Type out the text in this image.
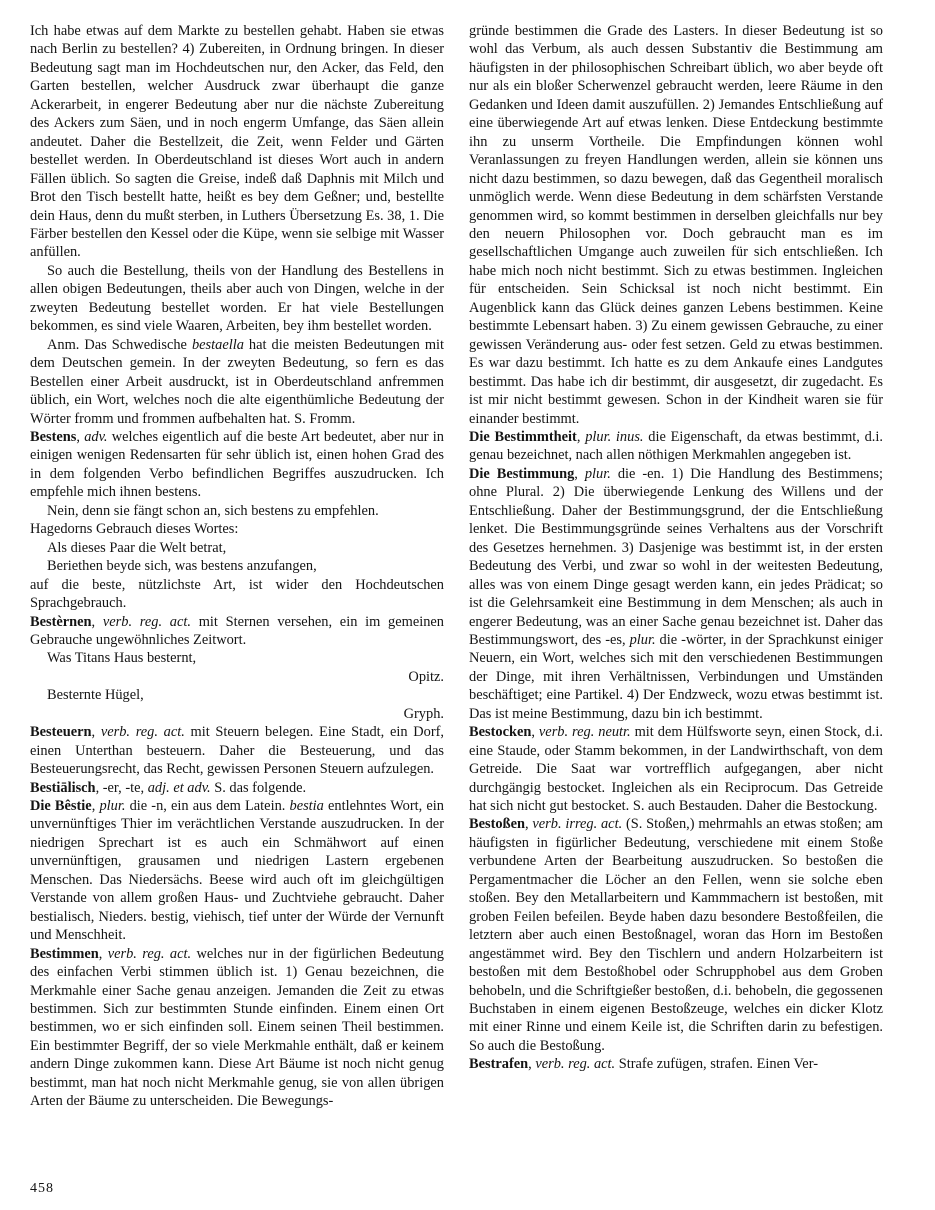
Ich habe etwas auf dem Markte zu bestellen gehabt. Haben sie etwas nach Berlin zu bestellen? 4) Zubereiten, in Ordnung bringen. In dieser Bedeutung sagt man im Hochdeutschen nur, den Acker, das Feld, den Garten bestellen, welcher Ausdruck zwar überhaupt die ganze Ackerarbeit, in engerer Bedeutung aber nur die nächste Zubereitung des Ackers zum Säen, und in noch engerm Umfange, das Säen allein andeutet. Daher die Bestellzeit, die Zeit, wenn Felder und Gärten bestellet werden. In Oberdeutschland ist dieses Wort auch in andern Fällen üblich. So sagten die Greise, indeß daß Daphnis mit Milch und Brot den Tisch bestellt hatte, heißt es bey dem Geßner; und, bestellte dein Haus, denn du mußt sterben, in Luthers Übersetzung Es. 38, 1. Die Färber bestellen den Kessel oder die Küpe, wenn sie selbige mit Wasser anfüllen.

So auch die Bestellung, theils von der Handlung des Bestellens in allen obigen Bedeutungen, theils aber auch von Dingen, welche in der zweyten Bedeutung bestellet worden. Er hat viele Bestellungen bekommen, es sind viele Waaren, Arbeiten, bey ihm bestellet worden.

Anm. Das Schwedische bestaella hat die meisten Bedeutungen mit dem Deutschen gemein. In der zweyten Bedeutung, so fern es das Bestellen einer Arbeit ausdruckt, ist in Oberdeutschland anfremmen üblich, ein Wort, welches noch die alte eigenthümliche Bedeutung der Wörter fromm und frommen aufbehalten hat. S. Fromm.

Bestens, adv. welches eigentlich auf die beste Art bedeutet, aber nur in einigen wenigen Redensarten für sehr üblich ist, einen hohen Grad des in dem folgenden Verbo befindlichen Begriffes auszudrucken. Ich empfehle mich ihnen bestens.

Nein, denn sie fängt schon an, sich bestens zu empfehlen.

Hagedorns Gebrauch dieses Wortes:

Als dieses Paar die Welt betrat,

Beriethen beyde sich, was bestens anzufangen,

auf die beste, nützlichste Art, ist wider den Hochdeutschen Sprachgebrauch.

Bestèrnen, verb. reg. act. mit Sternen versehen, ein im gemeinen Gebrauche ungewöhnliches Zeitwort.

Was Titans Haus besternt,

Opitz.

Besternte Hügel,

Gryph.

Besteuern, verb. reg. act. mit Steuern belegen. Eine Stadt, ein Dorf, einen Unterthan besteuern. Daher die Besteuerung, und das Besteuerungsrecht, das Recht, gewissen Personen Steuern aufzulegen.

Bestiālisch, -er, -te, adj. et adv. S. das folgende.

Die Bêstie, plur. die -n, ein aus dem Latein. bestia entlehntes Wort, ein unvernünftiges Thier im verächtlichen Verstande auszudrucken. In der niedrigen Sprechart ist es auch ein Schmähwort auf einen unvernünftigen, grausamen und niedrigen Lastern ergebenen Menschen. Das Niedersächs. Beese wird auch oft im gleichgültigen Verstande von allem großen Haus- und Zuchtviehe gebraucht. Daher bestialisch, Nieders. bestig, viehisch, tief unter der Würde der Vernunft und Menschheit.

Bestimmen, verb. reg. act. welches nur in der figürlichen Bedeutung des einfachen Verbi stimmen üblich ist. 1) Genau bezeichnen, die Merkmahle einer Sache genau anzeigen. Jemanden die Zeit zu etwas bestimmen. Sich zur bestimmten Stunde einfinden. Einem einen Ort bestimmen, wo er sich einfinden soll. Einem seinen Theil bestimmen. Ein bestimmter Begriff, der so viele Merkmahle enthält, daß er keinem andern Dinge zukommen kann. Diese Art Bäume ist noch nicht genug bestimmt, man hat noch nicht Merkmahle genug, sie von allen übrigen Arten der Bäume zu unterscheiden. Die Bewegungs-

gründe bestimmen die Grade des Lasters. In dieser Bedeutung ist so wohl das Verbum, als auch dessen Substantiv die Bestimmung am häufigsten in der philosophischen Schreibart üblich, wo aber beyde oft nur als ein bloßer Scherwenzel gebraucht werden, leere Räume in den Gedanken und Ideen damit auszufüllen. 2) Jemandes Entschließung auf eine überwiegende Art auf etwas lenken. Diese Entdeckung bestimmte ihn zu unserm Vortheile. Die Empfindungen können wohl Veranlassungen zu freyen Handlungen werden, allein sie können uns nicht dazu bestimmen, so dazu bewegen, daß das Gegentheil moralisch unmöglich werde. Wenn diese Bedeutung in dem schärfsten Verstande genommen wird, so kommt bestimmen in derselben gleichfalls nur bey den neuern Philosophen vor. Doch gebraucht man es im gesellschaftlichen Umgange auch zuweilen für sich entschließen. Ich habe mich noch nicht bestimmt. Sich zu etwas bestimmen. Ingleichen für entscheiden. Sein Schicksal ist noch nicht bestimmt. Ein Augenblick kann das Glück deines ganzen Lebens bestimmen. Keine bestimmte Lebensart haben. 3) Zu einem gewissen Gebrauche, zu einer gewissen Veränderung aus- oder fest setzen. Geld zu etwas bestimmen. Es war dazu bestimmt. Ich hatte es zu dem Ankaufe eines Landgutes bestimmt. Das habe ich dir bestimmt, dir ausgesetzt, dir zugedacht. Es ist mir nicht bestimmt gewesen. Schon in der Kindheit waren sie für einander bestimmt.

Die Bestimmtheit, plur. inus. die Eigenschaft, da etwas bestimmt, d.i. genau bezeichnet, nach allen nöthigen Merkmahlen angegeben ist.

Die Bestimmung, plur. die -en. 1) Die Handlung des Bestimmens; ohne Plural. 2) Die überwiegende Lenkung des Willens und der Entschließung. Daher der Bestimmungsgrund, der die Entschließung lenket. Die Bestimmungsgründe seines Verhaltens aus der Vorschrift des Gesetzes hernehmen. 3) Dasjenige was bestimmt ist, in der ersten Bedeutung des Verbi, und zwar so wohl in der weitesten Bedeutung, alles was von einem Dinge gesagt werden kann, ein jedes Prädicat; so ist die Gelehrsamkeit eine Bestimmung in dem Menschen; als auch in engerer Bedeutung, was an einer Sache genau bezeichnet ist. Daher das Bestimmungswort, des -es, plur. die -wörter, in der Sprachkunst einiger Neuern, ein Wort, welches sich mit den verschiedenen Bestimmungen der Dinge, mit ihren Verhältnissen, Verbindungen und Umständen beschäftiget; eine Partikel. 4) Der Endzweck, wozu etwas bestimmt ist. Das ist meine Bestimmung, dazu bin ich bestimmt.

Bestocken, verb. reg. neutr. mit dem Hülfsworte seyn, einen Stock, d.i. eine Staude, oder Stamm bekommen, in der Landwirthschaft, von dem Getreide. Die Saat war vortrefflich aufgegangen, aber nicht durchgängig bestocket. Ingleichen als ein Reciprocum. Das Getreide hat sich nicht gut bestocket. S. auch Bestauden. Daher die Bestockung.

Bestoßen, verb. irreg. act. (S. Stoßen,) mehrmahls an etwas stoßen; am häufigsten in figürlicher Bedeutung, verschiedene mit einem Stoße verbundene Arten der Bearbeitung auszudrucken. So bestoßen die Pergamentmacher die Löcher an den Fellen, wenn sie solche eben stoßen. Bey den Metallarbeitern und Kammmachern ist bestoßen, mit groben Feilen befeilen. Beyde haben dazu besondere Bestoßfeilen, die letztern aber auch einen Bestoßnagel, woran das Horn im Bestoßen angestämmet wird. Bey den Tischlern und andern Holzarbeitern ist bestoßen mit dem Bestoßhobel oder Schrupphobel aus dem Groben behobeln, und die Schriftgießer bestoßen, d.i. behobeln, die gegossenen Buchstaben in einem eigenen Bestoßzeuge, welches ein dicker Klotz mit einer Rinne und einem Keile ist, die Schriften darin zu befestigen. So auch die Bestoßung.

Bestrafen, verb. reg. act. Strafe zufügen, strafen. Einen Ver-

458
